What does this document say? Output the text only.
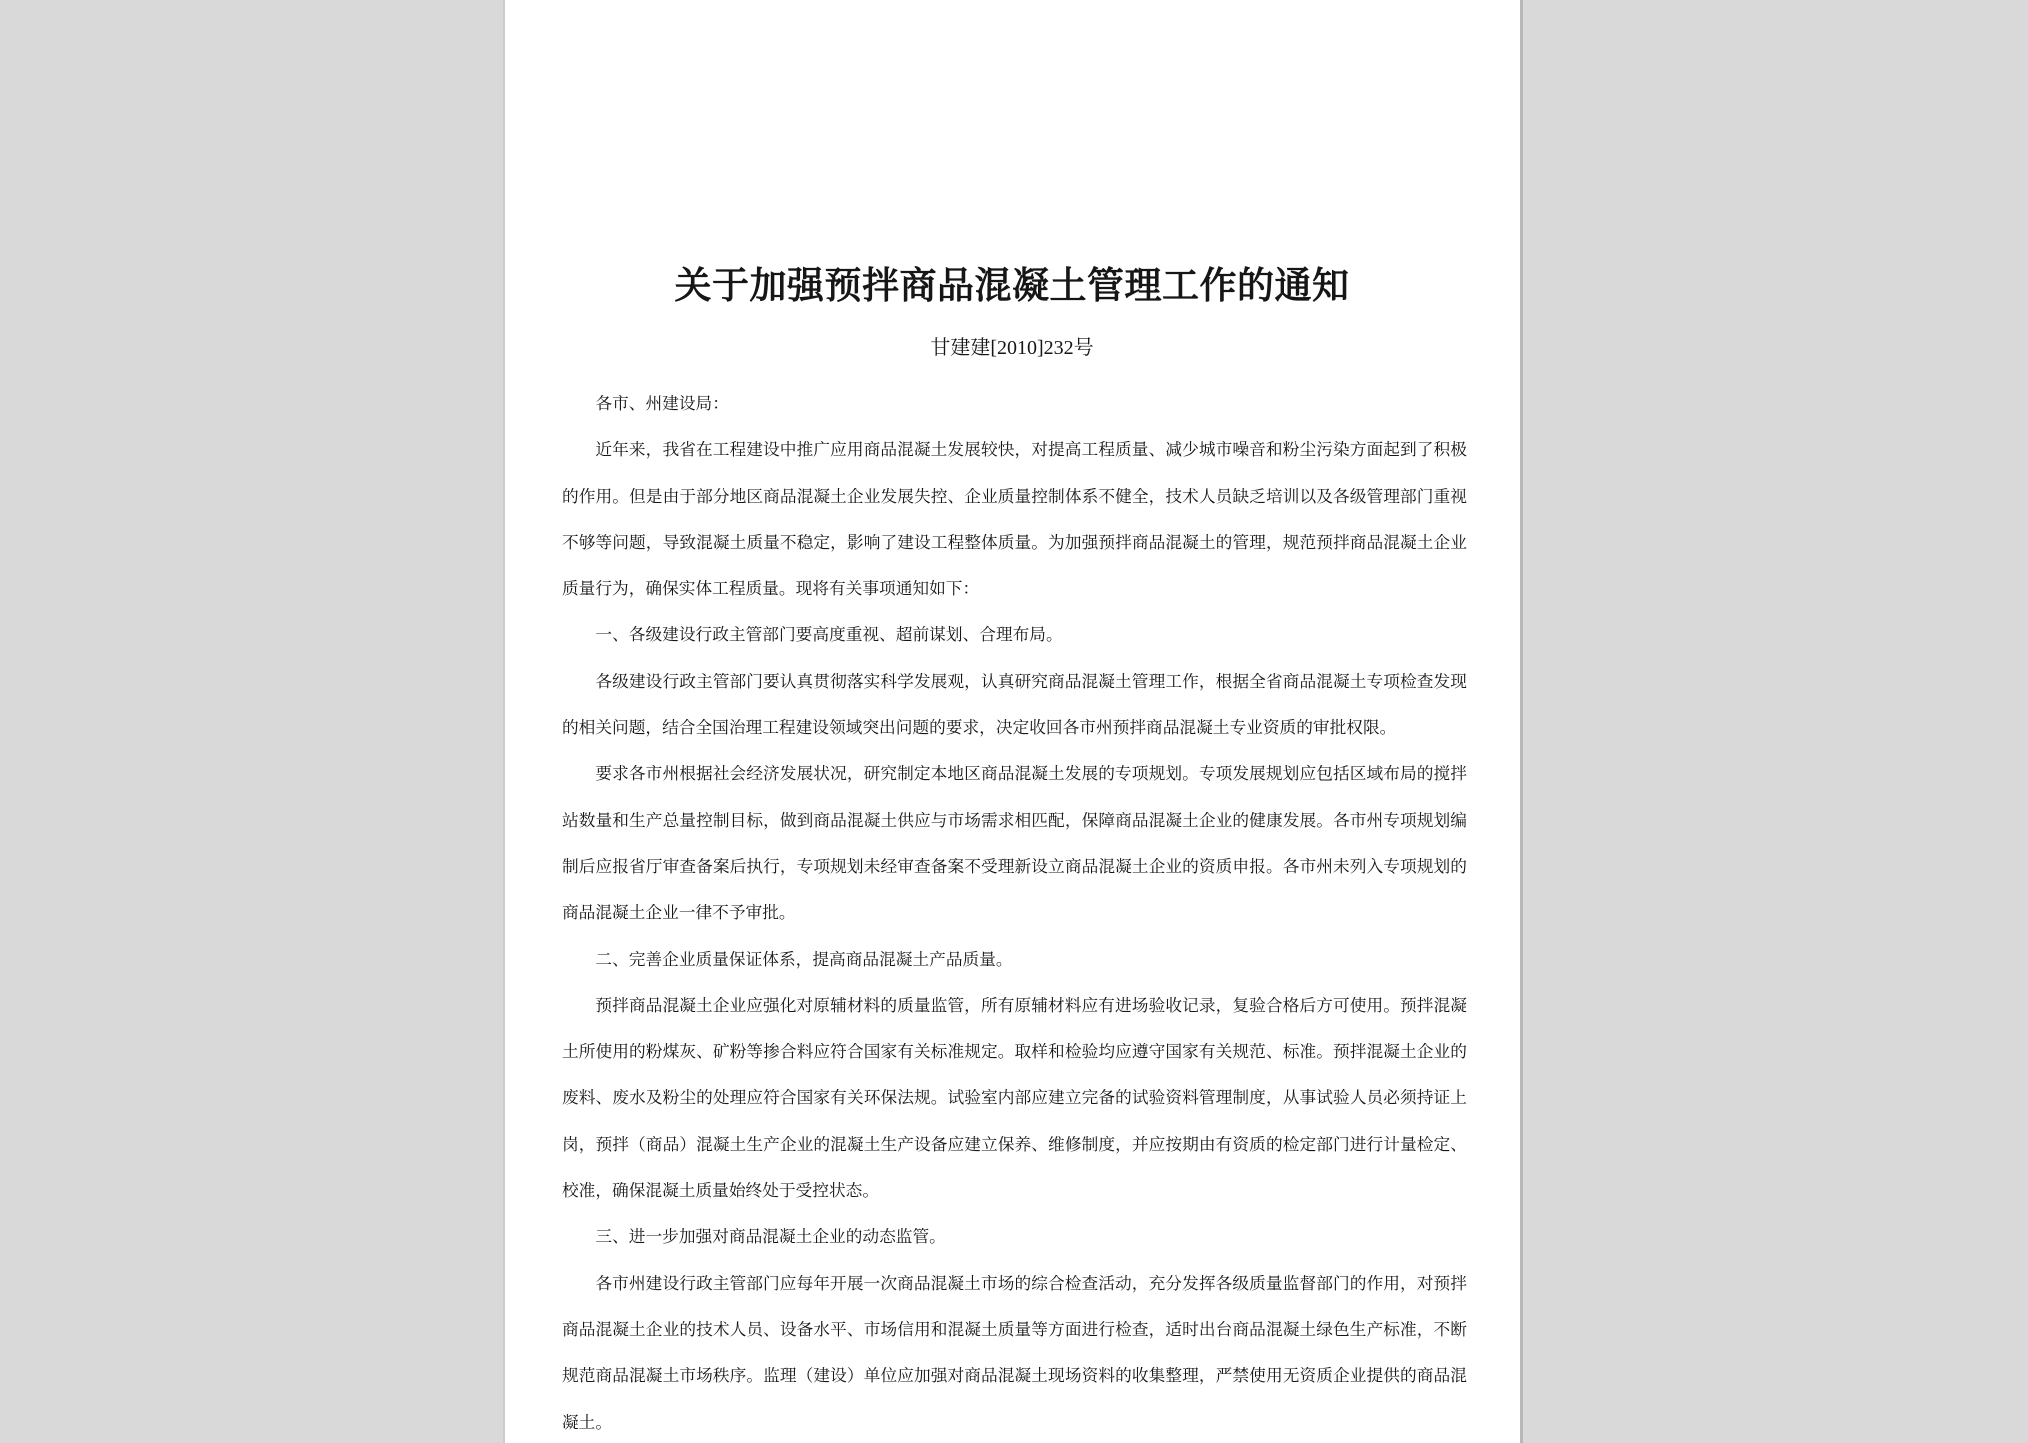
关于加强预拌商品混凝土管理工作的通知
甘建建[2010]232号

各市、州建设局：

近年来，我省在工程建设中推广应用商品混凝土发展较快，对提高工程质量、减少城市噪音和粉尘污染方面起到了积极的作用。但是由于部分地区商品混凝土企业发展失控、企业质量控制体系不健全，技术人员缺乏培训以及各级管理部门重视不够等问题，导致混凝土质量不稳定，影响了建设工程整体质量。为加强预拌商品混凝土的管理，规范预拌商品混凝土企业质量行为，确保实体工程质量。现将有关事项通知如下：

一、各级建设行政主管部门要高度重视、超前谋划、合理布局。

各级建设行政主管部门要认真贯彻落实科学发展观，认真研究商品混凝土管理工作，根据全省商品混凝土专项检查发现的相关问题，结合全国治理工程建设领域突出问题的要求，决定收回各市州预拌商品混凝土专业资质的审批权限。

要求各市州根据社会经济发展状况，研究制定本地区商品混凝土发展的专项规划。专项发展规划应包括区域布局的搅拌站数量和生产总量控制目标，做到商品混凝土供应与市场需求相匹配，保障商品混凝土企业的健康发展。各市州专项规划编制后应报省厅审查备案后执行，专项规划未经审查备案不受理新设立商品混凝土企业的资质申报。各市州未列入专项规划的商品混凝土企业一律不予审批。

二、完善企业质量保证体系，提高商品混凝土产品质量。

预拌商品混凝土企业应强化对原辅材料的质量监管，所有原辅材料应有进场验收记录，复验合格后方可使用。预拌混凝土所使用的粉煤灰、矿粉等掺合料应符合国家有关标准规定。取样和检验均应遵守国家有关规范、标准。预拌混凝土企业的废料、废水及粉尘的处理应符合国家有关环保法规。试验室内部应建立完备的试验资料管理制度，从事试验人员必须持证上岗，预拌（商品）混凝土生产企业的混凝土生产设备应建立保养、维修制度，并应按期由有资质的检定部门进行计量检定、校准，确保混凝土质量始终处于受控状态。

三、进一步加强对商品混凝土企业的动态监管。

各市州建设行政主管部门应每年开展一次商品混凝土市场的综合检查活动，充分发挥各级质量监督部门的作用，对预拌商品混凝土企业的技术人员、设备水平、市场信用和混凝土质量等方面进行检查，适时出台商品混凝土绿色生产标准，不断规范商品混凝土市场秩序。监理（建设）单位应加强对商品混凝土现场资料的收集整理，严禁使用无资质企业提供的商品混凝土。
